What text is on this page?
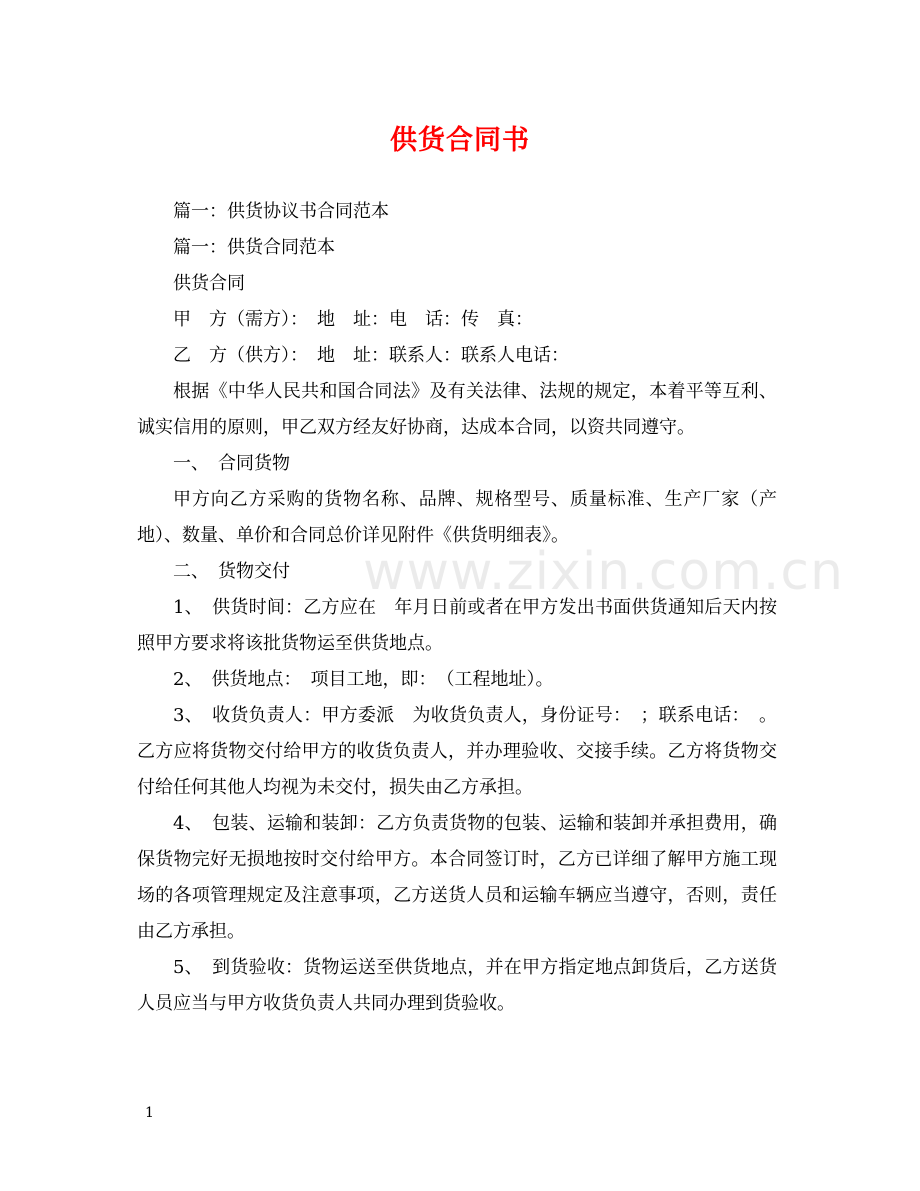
供货合同书

篇一：供货协议书合同范本

篇一：供货合同范本

供货合同

甲　方（需方）：　地　址：电　话：传　真：

乙　方（供方）：　地　址：联系人：联系人电话：

根据《中华人民共和国合同法》及有关法律、法规的规定，本着平等互利、诚实信用的原则，甲乙双方经友好协商，达成本合同，以资共同遵守。

一、　合同货物

甲方向乙方采购的货物名称、品牌、规格型号、质量标准、生产厂家（产地）、数量、单价和合同总价详见附件《供货明细表》。

二、　货物交付

1、　供货时间：乙方应在　年月日前或者在甲方发出书面供货通知后天内按照甲方要求将该批货物运至供货地点。

2、　供货地点：　项目工地，即：　（工程地址）。

3、　收货负责人：甲方委派　为收货负责人，身份证号：　；联系电话：　。乙方应将货物交付给甲方的收货负责人，并办理验收、交接手续。乙方将货物交付给任何其他人均视为未交付，损失由乙方承担。

4、　包装、运输和装卸：乙方负责货物的包装、运输和装卸并承担费用，确保货物完好无损地按时交付给甲方。本合同签订时，乙方已详细了解甲方施工现场的各项管理规定及注意事项，乙方送货人员和运输车辆应当遵守，否则，责任由乙方承担。

5、　到货验收：货物运送至供货地点，并在甲方指定地点卸货后，乙方送货人员应当与甲方收货负责人共同办理到货验收。

www.zixin.com.cn
1
